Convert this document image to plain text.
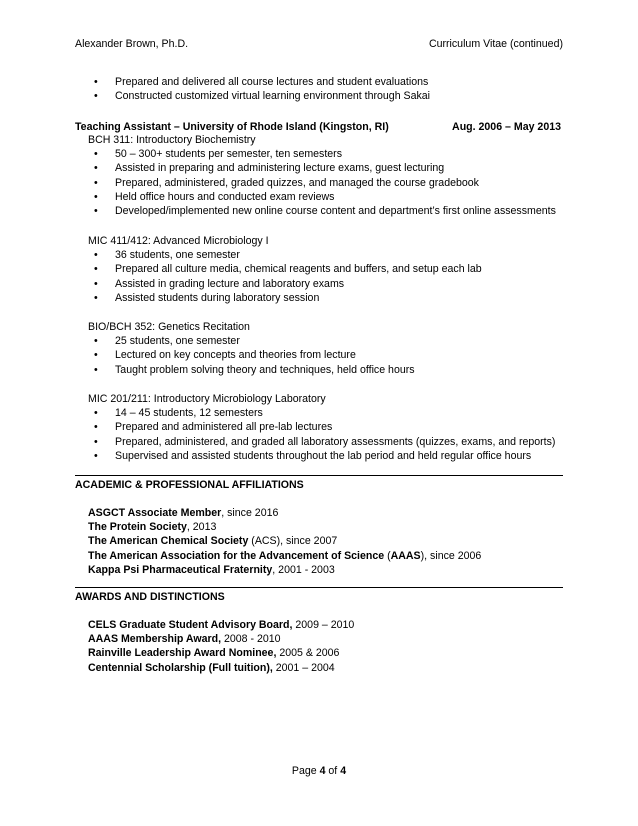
Alexander Brown, Ph.D.	Curriculum Vitae (continued)
• Prepared and delivered all course lectures and student evaluations
• Constructed customized virtual learning environment through Sakai
Teaching Assistant – University of Rhode Island (Kingston, RI)	Aug. 2006 – May 2013
BCH 311: Introductory Biochemistry
• 50 – 300+ students per semester, ten semesters
• Assisted in preparing and administering lecture exams, guest lecturing
• Prepared, administered, graded quizzes, and managed the course gradebook
• Held office hours and conducted exam reviews
• Developed/implemented new online course content and department’s first online assessments
MIC 411/412: Advanced Microbiology I
• 36 students, one semester
• Prepared all culture media, chemical reagents and buffers, and setup each lab
• Assisted in grading lecture and laboratory exams
• Assisted students during laboratory session
BIO/BCH 352: Genetics Recitation
• 25 students, one semester
• Lectured on key concepts and theories from lecture
• Taught problem solving theory and techniques, held office hours
MIC 201/211: Introductory Microbiology Laboratory
• 14 – 45 students, 12 semesters
• Prepared and administered all pre-lab lectures
• Prepared, administered, and graded all laboratory assessments (quizzes, exams, and reports)
• Supervised and assisted students throughout the lab period and held regular office hours
ACADEMIC & PROFESSIONAL AFFILIATIONS
ASGCT Associate Member, since 2016
The Protein Society, 2013
The American Chemical Society (ACS), since 2007
The American Association for the Advancement of Science (AAAS), since 2006
Kappa Psi Pharmaceutical Fraternity, 2001 - 2003
AWARDS AND DISTINCTIONS
CELS Graduate Student Advisory Board, 2009 – 2010
AAAS Membership Award, 2008 - 2010
Rainville Leadership Award Nominee, 2005 & 2006
Centennial Scholarship (Full tuition), 2001 – 2004
Page 4 of 4
